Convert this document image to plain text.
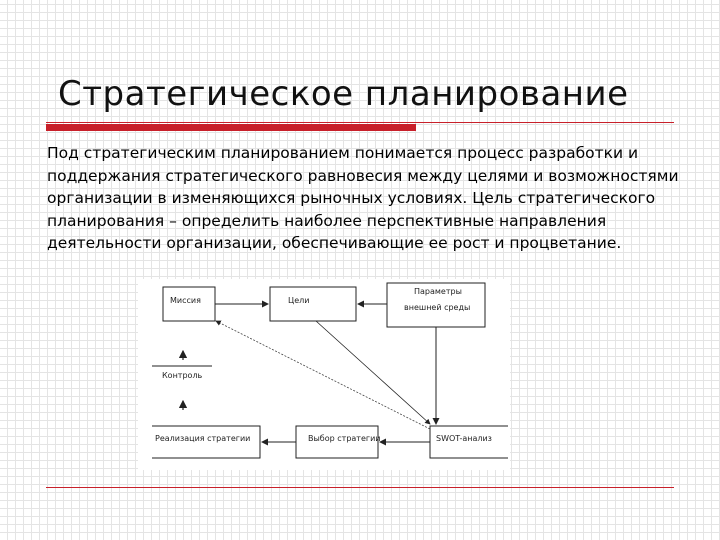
Стратегическое планирование
Под стратегическим планированием понимается процесс разработки и поддержания стратегического равновесия между целями и возможностями организации в изменяющихся рыночных условиях. Цель стратегического планирования – определить наиболее перспективные направления деятельности организации, обеспечивающие ее рост и процветание.
Миссия	Цели
Параметры
внешней среды
Контроль
Реализация стратегии	Выбор стратегии	SWOT-анализ
